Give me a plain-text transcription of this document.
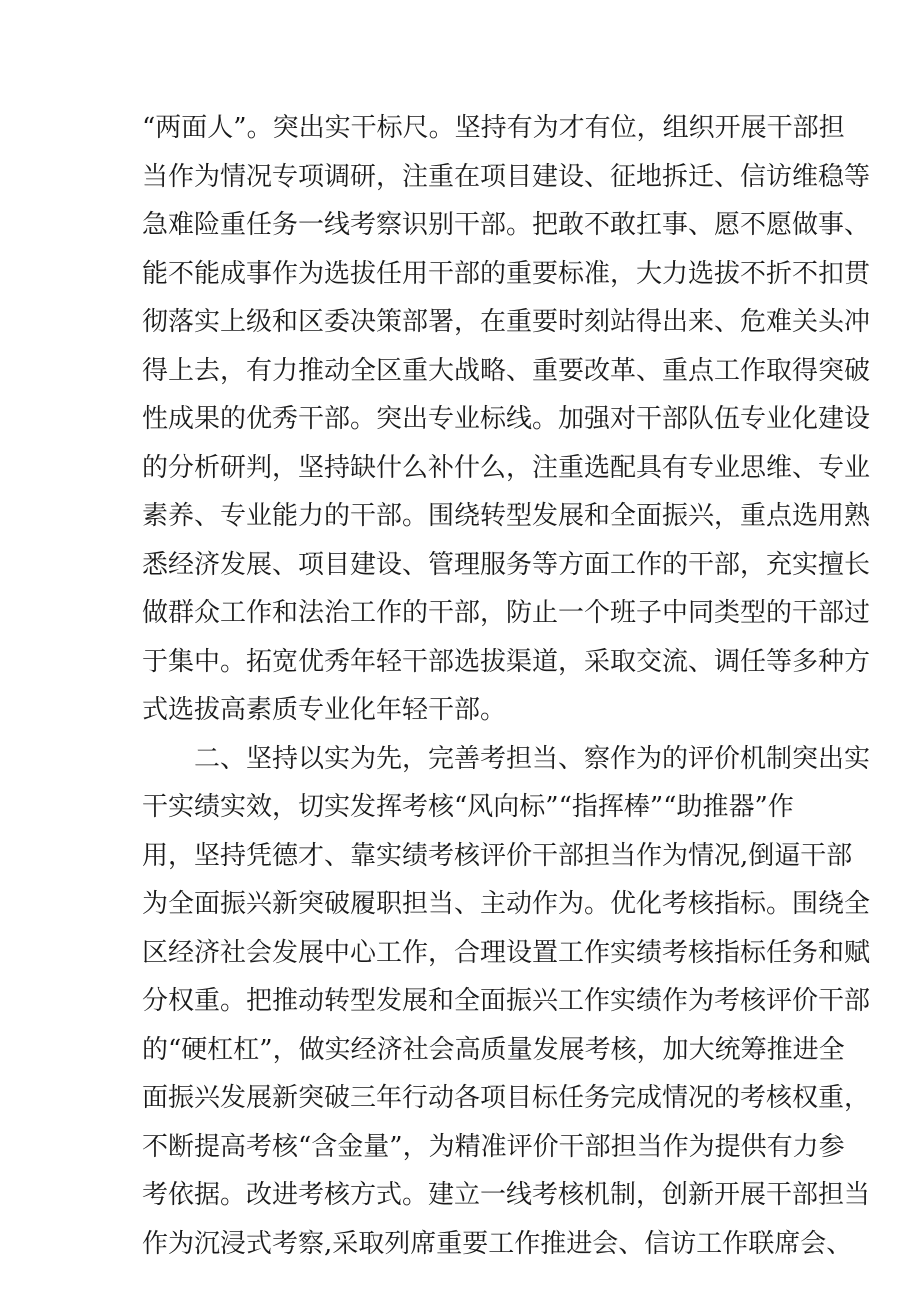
“两面人”。突出实干标尺。坚持有为才有位，组织开展干部担
当作为情况专项调研，注重在项目建设、征地拆迁、信访维稳等
急难险重任务一线考察识别干部。把敢不敢扛事、愿不愿做事、
能不能成事作为选拔任用干部的重要标准，大力选拔不折不扣贯
彻落实上级和区委决策部署，在重要时刻站得出来、危难关头冲
得上去，有力推动全区重大战略、重要改革、重点工作取得突破
性成果的优秀干部。突出专业标线。加强对干部队伍专业化建设
的分析研判，坚持缺什么补什么，注重选配具有专业思维、专业
素养、专业能力的干部。围绕转型发展和全面振兴，重点选用熟
悉经济发展、项目建设、管理服务等方面工作的干部，充实擅长
做群众工作和法治工作的干部，防止一个班子中同类型的干部过
于集中。拓宽优秀年轻干部选拔渠道，采取交流、调任等多种方
式选拔高素质专业化年轻干部。
二、坚持以实为先，完善考担当、察作为的评价机制突出实
干实绩实效，切实发挥考核“风向标”“指挥棒”“助推器”作
用，坚持凭德才、靠实绩考核评价干部担当作为情况,倒逼干部
为全面振兴新突破履职担当、主动作为。优化考核指标。围绕全
区经济社会发展中心工作，合理设置工作实绩考核指标任务和赋
分权重。把推动转型发展和全面振兴工作实绩作为考核评价干部
的“硬杠杠”，做实经济社会高质量发展考核，加大统筹推进全
面振兴发展新突破三年行动各项目标任务完成情况的考核权重，
不断提高考核“含金量”，为精准评价干部担当作为提供有力参
考依据。改进考核方式。建立一线考核机制，创新开展干部担当
作为沉浸式考察,采取列席重要工作推进会、信访工作联席会、
